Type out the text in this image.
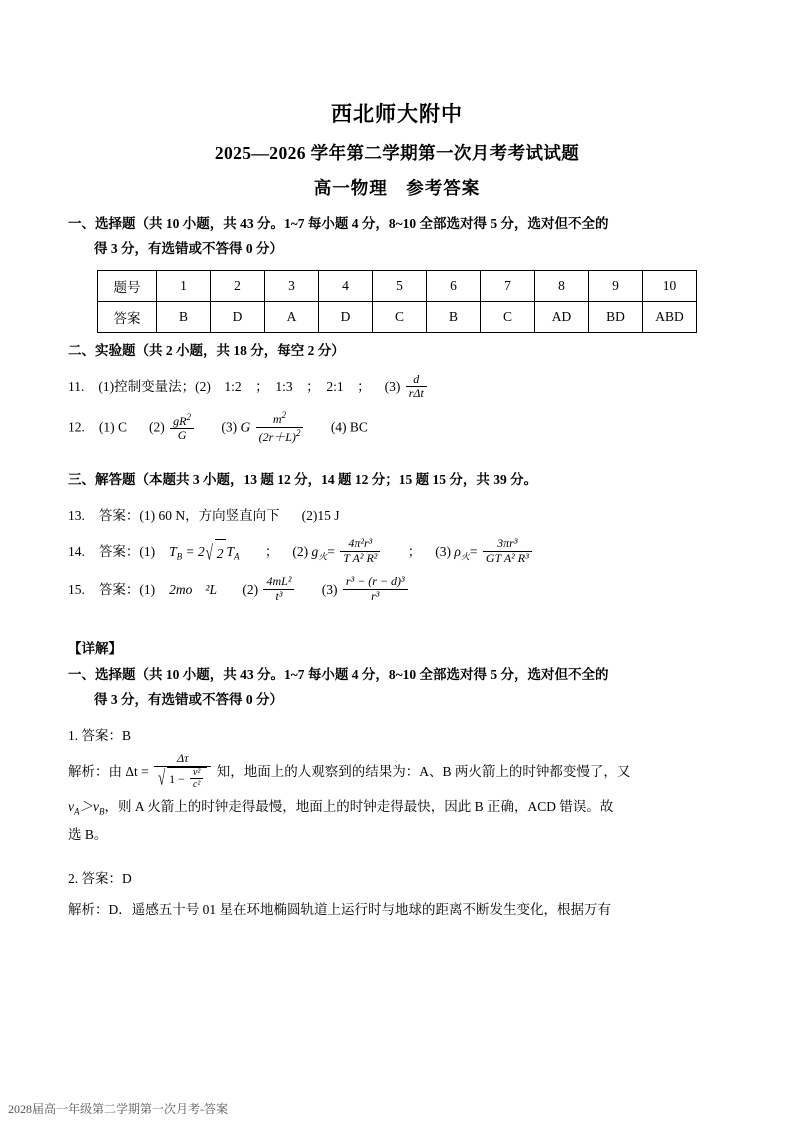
西北师大附中
2025—2026 学年第二学期第一次月考考试试题
高一物理　参考答案
一、选择题（共 10 小题，共 43 分。1~7 每小题 4 分，8~10 全部选对得 5 分，选对但不全的
得 3 分，有选错或不答得 0 分）
题号	1	2	3	4	5	6	7	8	9	10
答案	B	D	A	D	C	B	C	AD	BD	ABD
二、实验题（共 2 小题，共 18 分，每空 2 分）
11. (1)控制变量法；(2)　1:2　；　1:3　；　2:1　； $(3) \frac{d}{\text{rΔt}}$
12. (1) C $(2) \frac{gR^2}{G} (3)$ G $\frac{m^2}{(2r+L)^2} (4)$ BC
三、解答题（本题共 3 小题，13 题 12 分，14 题 12 分；15 题 15 分，共 39 分。
13. 答案：(1) 60 N，方向竖直向下 (2)15 J
14. 答案：(1) $T_B = 2$ √ 2 $T_A$ ； (2) $g_火= \frac{\text{4π²r³}}{\text{T A² R²}}$ ； (3) $\rho_火= \frac{\text{3πr³}}{\text{GT A² R³}}$
15. 答案：(1) 2moﾠ²L $(2) \frac{\text{4mL²}}{\text{t³}} (3) \frac{\text{r³ − (r − d)³}}{\text{r³}}$
【详解】
一、选择题（共 10 小题，共 43 分。1~7 每小题 4 分，8~10 全部选对得 5 分，选对但不全的
得 3 分，有选错或不答得 0 分）
1. 答案：B
解析：由 Δt = Δτ
√ $1 - \frac{\text{v²}}{\text{c²}}$ 知，地面上的人观察到的结果为：A、B 两火箭上的时钟都变慢了，又
$v_A>v_B$，则 A 火箭上的时钟走得最慢，地面上的时钟走得最快，因此 B 正确，ACD 错误。故
选 B。
2. 答案：D
解析：D．遥感五十号 01 星在环地椭圆轨道上运行时与地球的距离不断发生变化，根据万有
2028届高一年级第二学期第一次月考-答案
